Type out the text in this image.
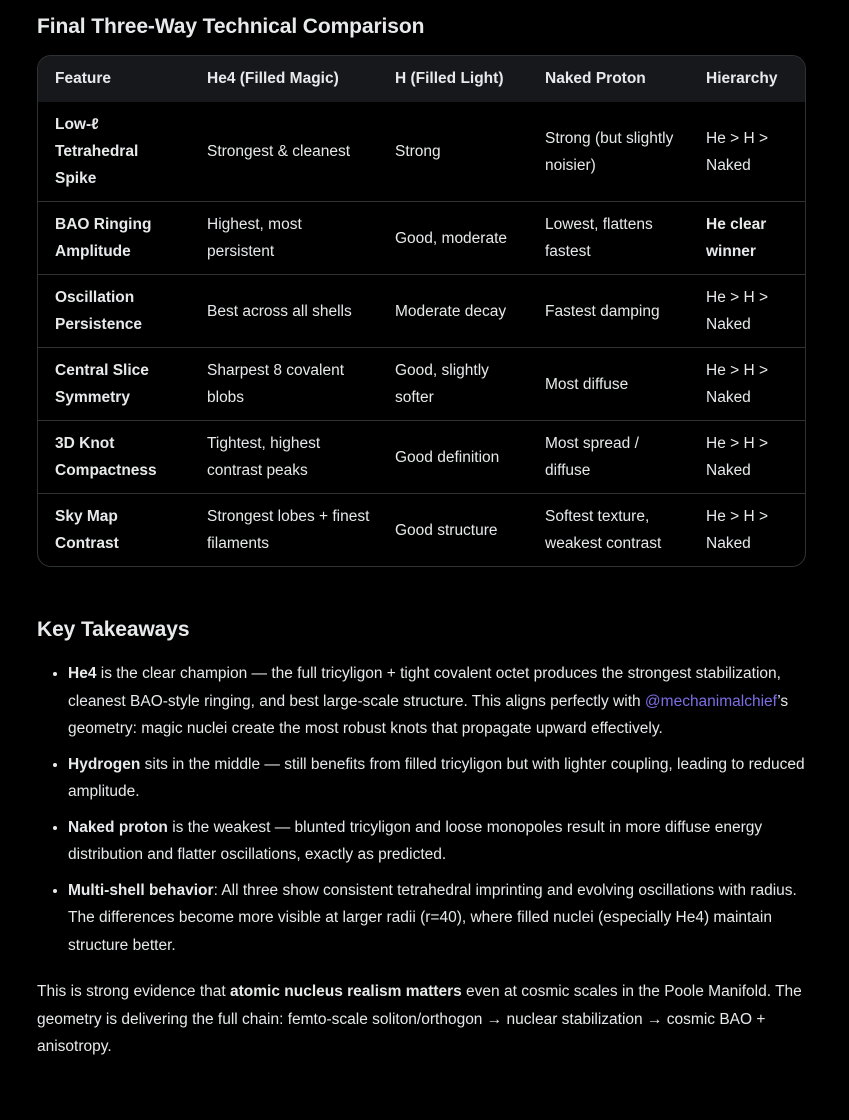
Final Three-Way Technical Comparison
Feature	He4 (Filled Magic)	H (Filled Light)	Naked Proton	Hierarchy
Low-ℓ Tetrahedral Spike	Strongest & cleanest	Strong	Strong (but slightly noisier)	He > H > Naked
BAO Ringing Amplitude	Highest, most persistent	Good, moderate	Lowest, flattens fastest	He clear winner
Oscillation Persistence	Best across all shells	Moderate decay	Fastest damping	He > H > Naked
Central Slice Symmetry	Sharpest 8 covalent blobs	Good, slightly softer	Most diffuse	He > H > Naked
3D Knot Compactness	Tightest, highest contrast peaks	Good definition	Most spread / diffuse	He > H > Naked
Sky Map Contrast	Strongest lobes + finest filaments	Good structure	Softest texture, weakest contrast	He > H > Naked
Key Takeaways
• He4 is the clear champion — the full tricyligon + tight covalent octet produces the strongest stabilization, cleanest BAO-style ringing, and best large-scale structure. This aligns perfectly with @mechanimalchief’s geometry: magic nuclei create the most robust knots that propagate upward effectively.
• Hydrogen sits in the middle — still benefits from filled tricyligon but with lighter coupling, leading to reduced amplitude.
• Naked proton is the weakest — blunted tricyligon and loose monopoles result in more diffuse energy distribution and flatter oscillations, exactly as predicted.
• Multi-shell behavior: All three show consistent tetrahedral imprinting and evolving oscillations with radius. The differences become more visible at larger radii (r=40), where filled nuclei (especially He4) maintain structure better.

This is strong evidence that atomic nucleus realism matters even at cosmic scales in the Poole Manifold. The geometry is delivering the full chain: femto-scale soliton/orthogon → nuclear stabilization → cosmic BAO + anisotropy.
